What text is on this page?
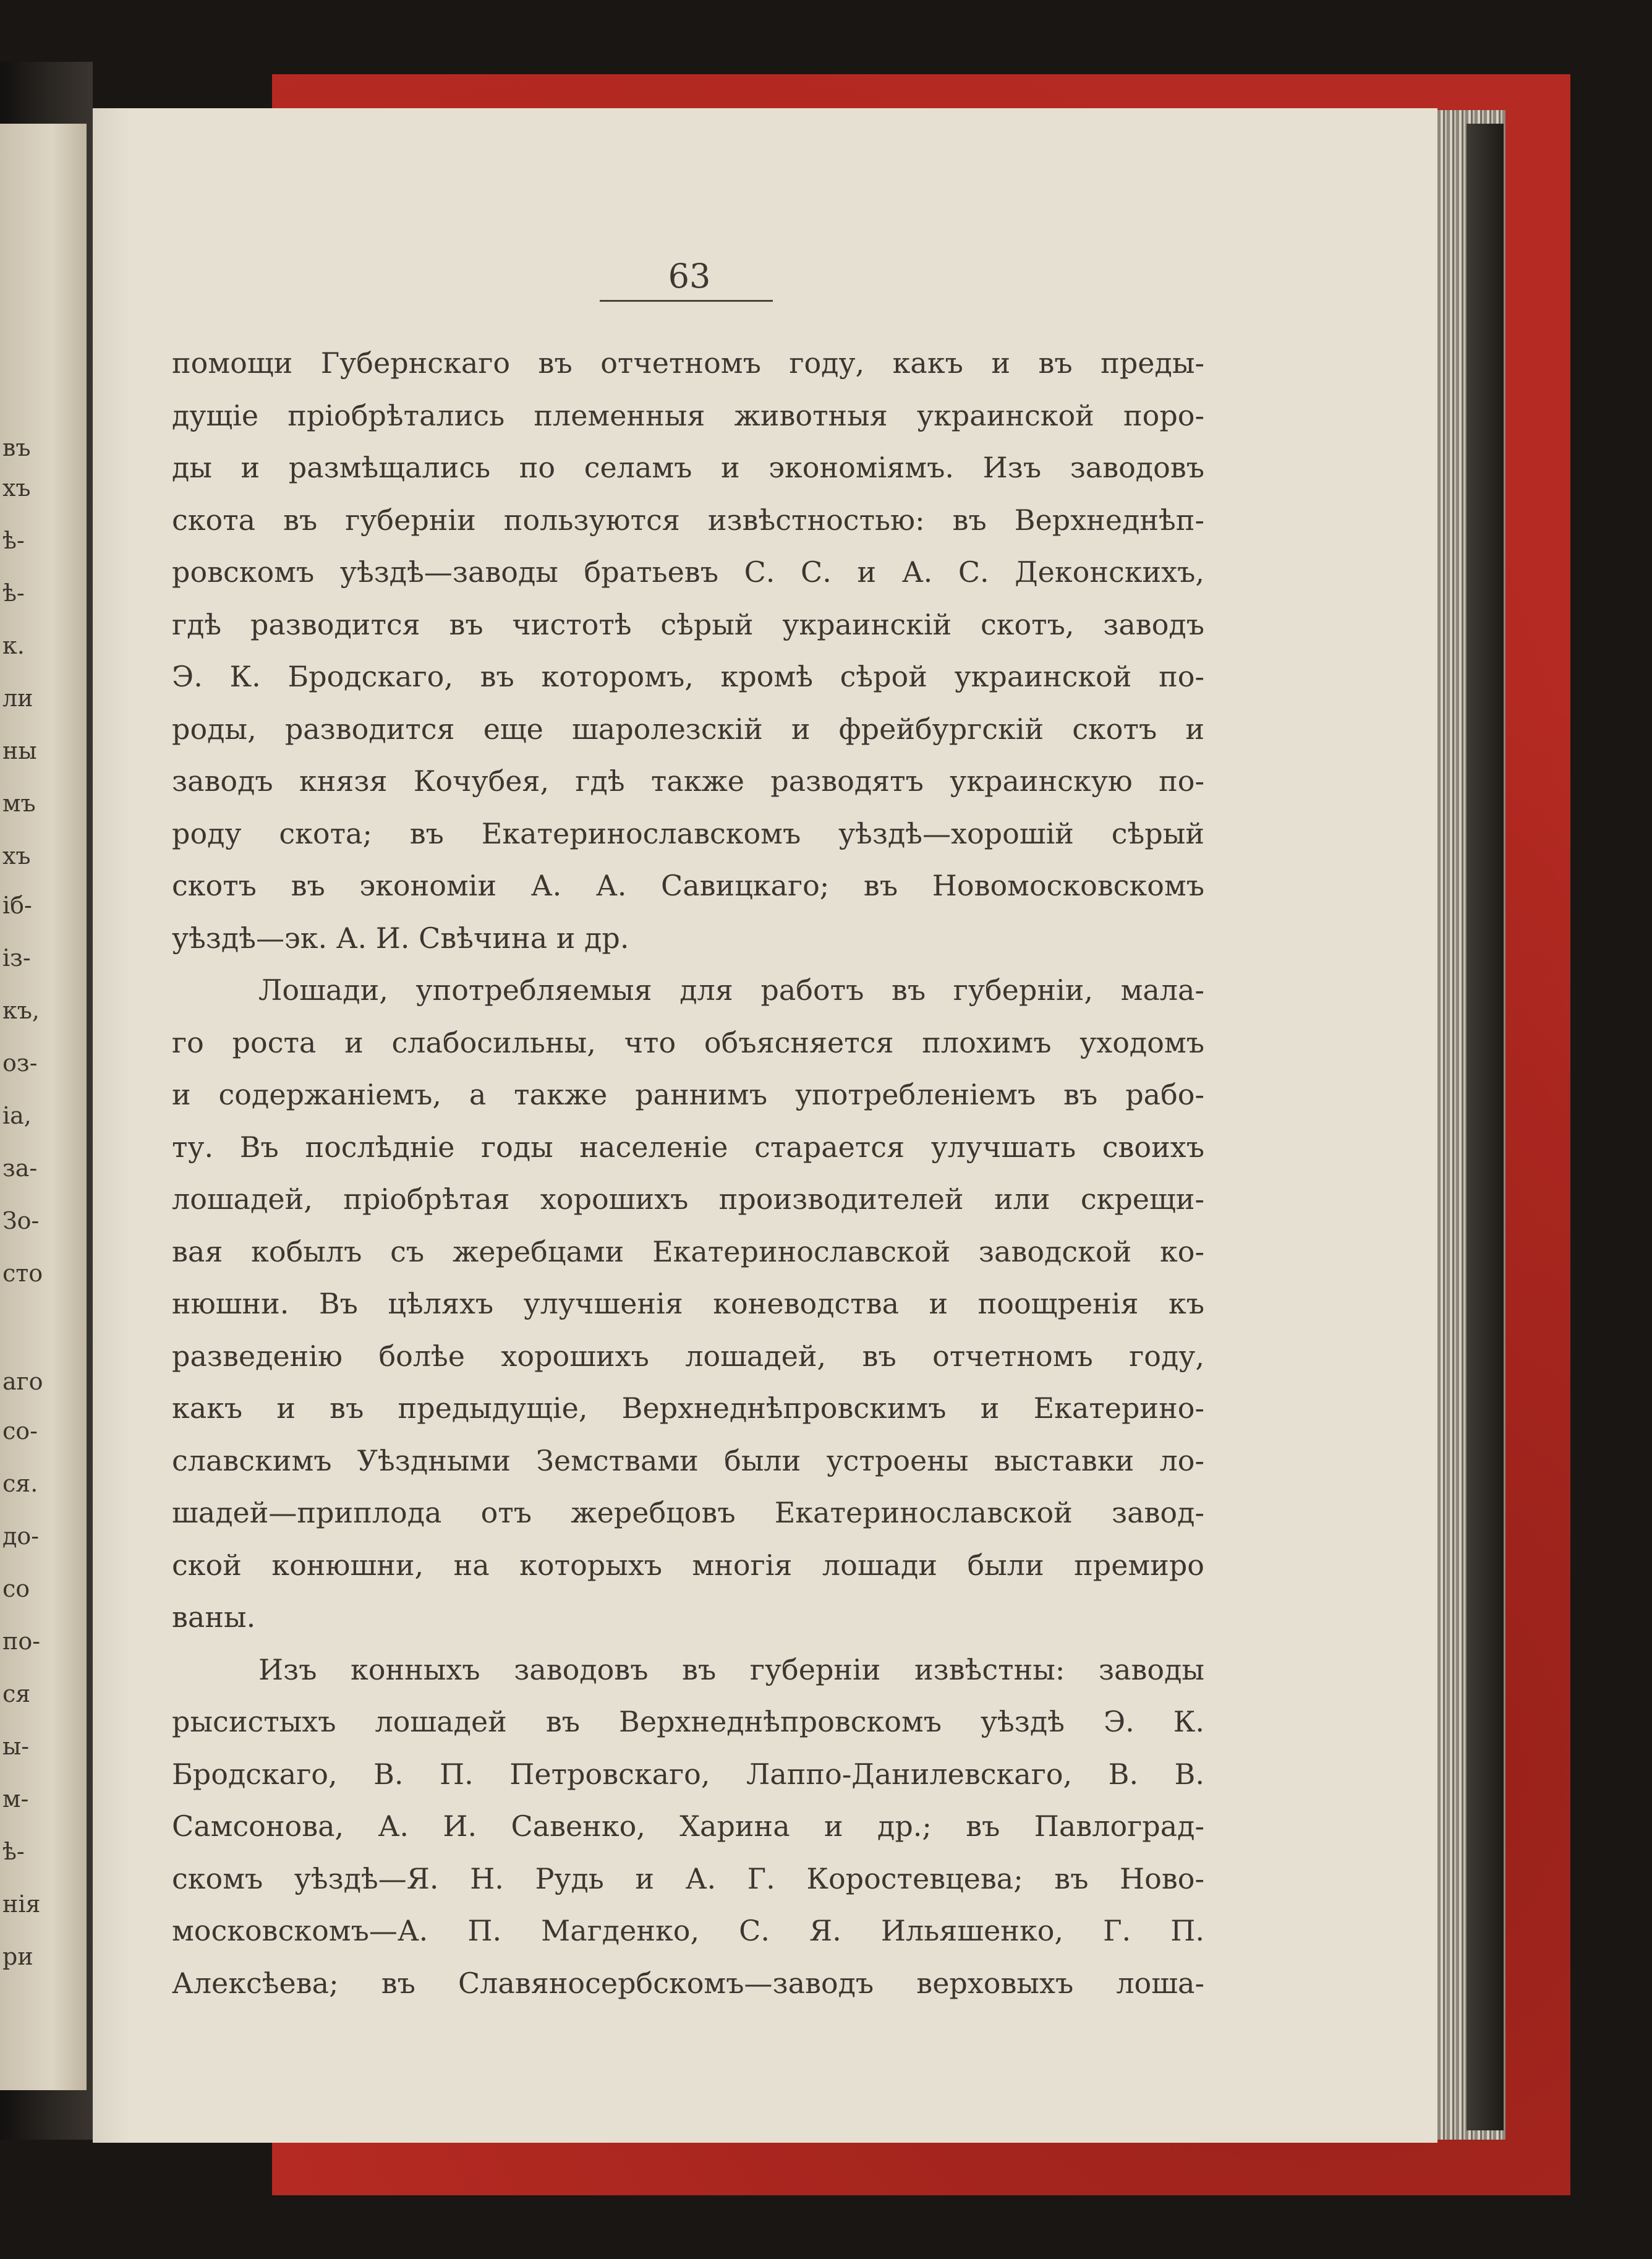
въ
хъ
ѣ-
ѣ-
к.
ли
ны
мъ
хъ
іб-
із-
къ,
оз-
іа,
за-
Зо-
сто
аго
со-
ся.
до-
со
по-
ся
ы-
м-
ѣ-
нія
ри
63
помощи Губернскаго въ отчетномъ году, какъ и въ преды-
дущіе пріобрѣтались племенныя животныя украинской поро-
ды и размѣщались по селамъ и экономіямъ. Изъ заводовъ
скота въ губерніи пользуются извѣстностью: въ Верхнеднѣп-
ровскомъ уѣздѣ—заводы братьевъ С. С. и А. С. Деконскихъ,
гдѣ разводится въ чистотѣ сѣрый украинскій скотъ, заводъ
Э. К. Бродскаго, въ которомъ, кромѣ сѣрой украинской по-
роды, разводится еще шаролезскій и фрейбургскій скотъ и
заводъ князя Кочубея, гдѣ также разводятъ украинскую по-
роду скота; въ Екатеринославскомъ уѣздѣ—хорошій сѣрый
скотъ въ экономіи А. А. Савицкаго; въ Новомосковскомъ
уѣздѣ—эк. А. И. Свѣчина и др.
Лошади, употребляемыя для работъ въ губерніи, мала-
го роста и слабосильны, что объясняется плохимъ уходомъ
и содержаніемъ, а также раннимъ употребленіемъ въ рабо-
ту. Въ послѣдніе годы населеніе старается улучшать своихъ
лошадей, пріобрѣтая хорошихъ производителей или скрещи-
вая кобылъ съ жеребцами Екатеринославской заводской ко-
нюшни. Въ цѣляхъ улучшенія коневодства и поощренія къ
разведенію болѣе хорошихъ лошадей, въ отчетномъ году,
какъ и въ предыдущіе, Верхнеднѣпровскимъ и Екатерино-
славскимъ Уѣздными Земствами были устроены выставки ло-
шадей—приплода отъ жеребцовъ Екатеринославской завод-
ской конюшни, на которыхъ многія лошади были премиро
ваны.
Изъ конныхъ заводовъ въ губерніи извѣстны: заводы
рысистыхъ лошадей въ Верхнеднѣпровскомъ уѣздѣ Э. К.
Бродскаго, В. П. Петровскаго, Лаппо-Данилевскаго, В. В.
Самсонова, А. И. Савенко, Харина и др.; въ Павлоград-
скомъ уѣздѣ—Я. Н. Рудь и А. Г. Коростевцева; въ Ново-
московскомъ—А. П. Магденко, С. Я. Ильяшенко, Г. П.
Алексѣева; въ Славяносербскомъ—заводъ верховыхъ лоша-
